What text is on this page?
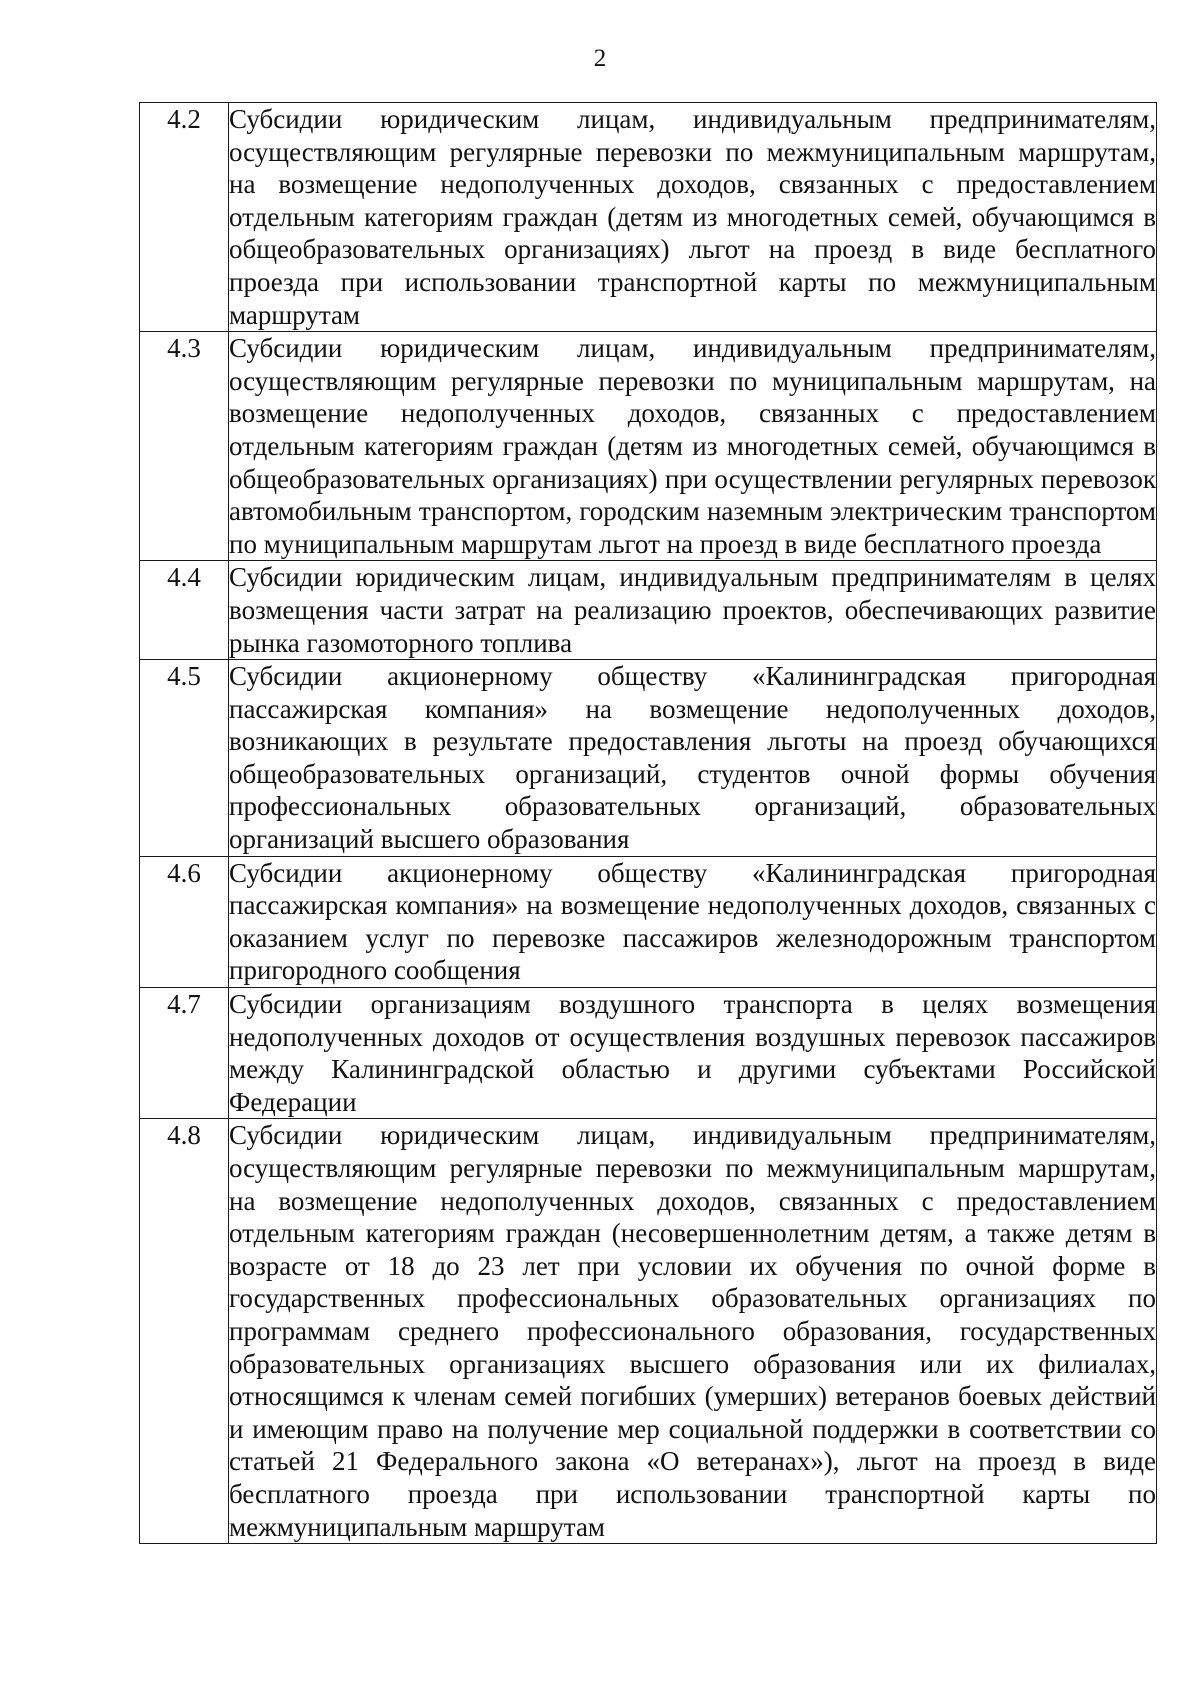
2
4.2	Субсидии юридическим лицам, индивидуальным предпринимателям, осуществляющим регулярные перевозки по межмуниципальным маршрутам, на возмещение недополученных доходов, связанных с предоставлением отдельным категориям граждан (детям из многодетных семей, обучающимся в общеобразовательных организациях) льгот на проезд в виде бесплатного проезда при использовании транспортной карты по межмуниципальным маршрутам
4.3	Субсидии юридическим лицам, индивидуальным предпринимателям, осуществляющим регулярные перевозки по муниципальным маршрутам, на возмещение недополученных доходов, связанных с предоставлением отдельным категориям граждан (детям из многодетных семей, обучающимся в общеобразовательных организациях) при осуществлении регулярных перевозок автомобильным транспортом, городским наземным электрическим транспортом по муниципальным маршрутам льгот на проезд в виде бесплатного проезда
4.4	Субсидии юридическим лицам, индивидуальным предпринимателям в целях возмещения части затрат на реализацию проектов, обеспечивающих развитие рынка газомоторного топлива
4.5	Субсидии акционерному обществу «Калининградская пригородная пассажирская компания» на возмещение недополученных доходов, возникающих в результате предоставления льготы на проезд обучающихся общеобразовательных организаций, студентов очной формы обучения профессиональных образовательных организаций, образовательных организаций высшего образования
4.6	Субсидии акционерному обществу «Калининградская пригородная пассажирская компания» на возмещение недополученных доходов, связанных с оказанием услуг по перевозке пассажиров железнодорожным транспортом пригородного сообщения
4.7	Субсидии организациям воздушного транспорта в целях возмещения недополученных доходов от осуществления воздушных перевозок пассажиров между Калининградской областью и другими субъектами Российской Федерации
4.8	Субсидии юридическим лицам, индивидуальным предпринимателям, осуществляющим регулярные перевозки по межмуниципальным маршрутам, на возмещение недополученных доходов, связанных с предоставлением отдельным категориям граждан (несовершеннолетним детям, а также детям в возрасте от 18 до 23 лет при условии их обучения по очной форме в государственных профессиональных образовательных организациях по программам среднего профессионального образования, государственных образовательных организациях высшего образования или их филиалах, относящимся к членам семей погибших (умерших) ветеранов боевых действий и имеющим право на получение мер социальной поддержки в соответствии со статьей 21 Федерального закона «О ветеранах»), льгот на проезд в виде бесплатного проезда при использовании транспортной карты по межмуниципальным маршрутам
